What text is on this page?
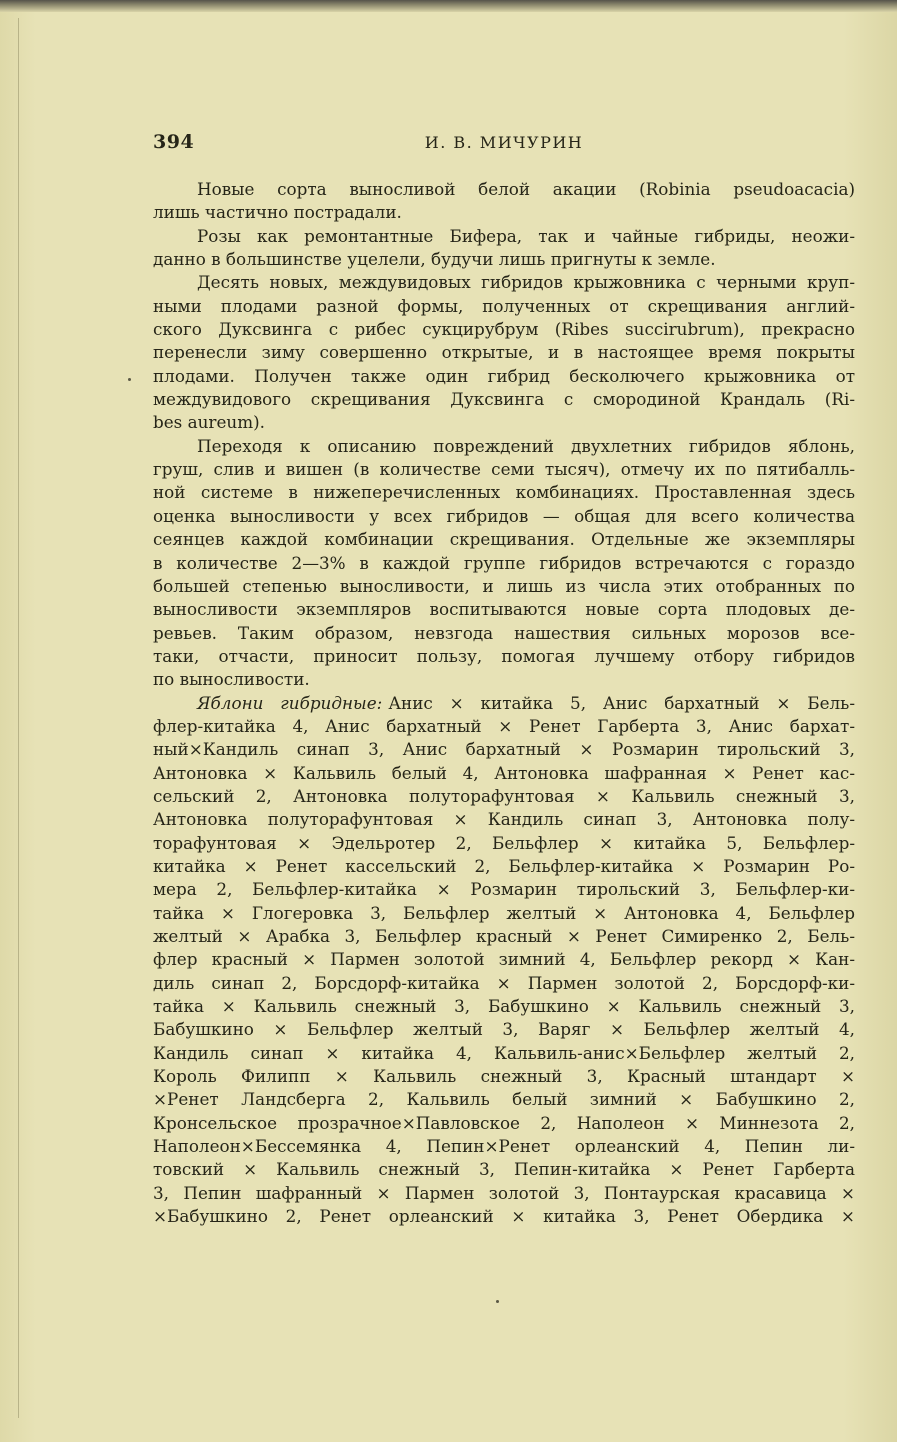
394	И. В. МИЧУРИН
Новые сорта выносливой белой акации (Robinia pseudoacacia)
лишь частично пострадали.
Розы как ремонтантные Бифера, так и чайные гибриды, неожи-
данно в большинстве уцелели, будучи лишь пригнуты к земле.
Десять новых, междувидовых гибридов крыжовника с черными круп-
ными плодами разной формы, полученных от скрещивания англий-
ского Дуксвинга с рибес сукцирубрум (Ribes succirubrum), прекрасно
перенесли зиму совершенно открытые, и в настоящее время покрыты
плодами. Получен также один гибрид бесколючего крыжовника от
междувидового скрещивания Дуксвинга с смородиной Крандаль (Ri-
bes aureum).
Переходя к описанию повреждений двухлетних гибридов яблонь,
груш, слив и вишен (в количестве семи тысяч), отмечу их по пятибалль-
ной системе в нижеперечисленных комбинациях. Проставленная здесь
оценка выносливости у всех гибридов — общая для всего количества
сеянцев каждой комбинации скрещивания. Отдельные же экземпляры
в количестве 2—3% в каждой группе гибридов встречаются с гораздо
большей степенью выносливости, и лишь из числа этих отобранных по
выносливости экземпляров воспитываются новые сорта плодовых де-
ревьев. Таким образом, невзгода нашествия сильных морозов все-
таки, отчасти, приносит пользу, помогая лучшему отбору гибридов
по выносливости.
Яблони гибридные: Анис × китайка 5, Анис бархатный × Бель-
флер-китайка 4, Анис бархатный × Ренет Гарберта 3, Анис бархат-
ный×Кандиль синап 3, Анис бархатный × Розмарин тирольский 3,
Антоновка × Кальвиль белый 4, Антоновка шафранная × Ренет кас-
сельский 2, Антоновка полуторафунтовая × Кальвиль снежный 3,
Антоновка полуторафунтовая × Кандиль синап 3, Антоновка полу-
торафунтовая × Эдельротер 2, Бельфлер × китайка 5, Бельфлер-
китайка × Ренет кассельский 2, Бельфлер-китайка × Розмарин Ро-
мера 2, Бельфлер-китайка × Розмарин тирольский 3, Бельфлер-ки-
тайка × Глогеровка 3, Бельфлер желтый × Антоновка 4, Бельфлер
желтый × Арабка 3, Бельфлер красный × Ренет Симиренко 2, Бель-
флер красный × Пармен золотой зимний 4, Бельфлер рекорд × Кан-
диль синап 2, Борсдорф-китайка × Пармен золотой 2, Борсдорф-ки-
тайка × Кальвиль снежный 3, Бабушкино × Кальвиль снежный 3,
Бабушкино × Бельфлер желтый 3, Варяг × Бельфлер желтый 4,
Кандиль синап × китайка 4, Кальвиль-анис×Бельфлер желтый 2,
Король Филипп × Кальвиль снежный 3, Красный штандарт ×
×Ренет Ландсберга 2, Кальвиль белый зимний × Бабушкино 2,
Кронсельское прозрачное×Павловское 2, Наполеон × Миннезота 2,
Наполеон×Бессемянка 4, Пепин×Ренет орлеанский 4, Пепин ли-
товский × Кальвиль снежный 3, Пепин-китайка × Ренет Гарберта
3, Пепин шафранный × Пармен золотой 3, Понтаурская красавица ×
×Бабушкино 2, Ренет орлеанский × китайка 3, Ренет Обердика ×
